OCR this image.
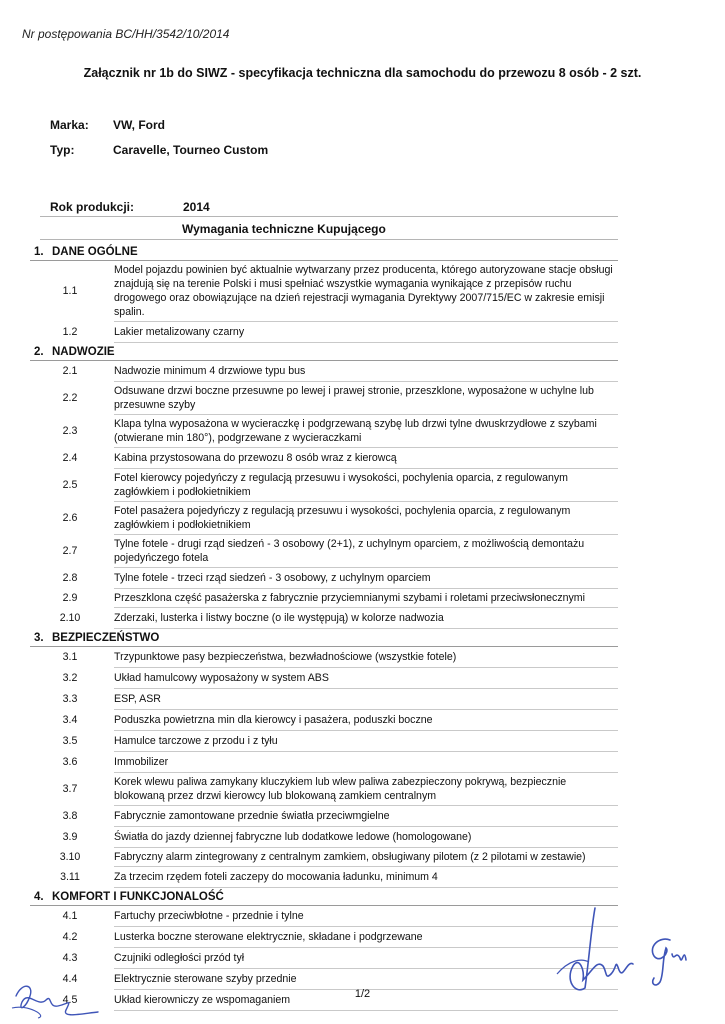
Nr postępowania BC/HH/3542/10/2014
Załącznik nr 1b do SIWZ - specyfikacja techniczna dla samochodu do przewozu 8 osób - 2 szt.
Marka: VW, Ford
Typ:	Caravelle, Tourneo Custom
Rok produkcji:	2014
Wymagania techniczne Kupującego
1. DANE OGÓLNE	
1.1	Model pojazdu powinien być aktualnie wytwarzany przez producenta, którego autoryzowane stacje obsługi znajdują się na terenie Polski i musi spełniać wszystkie wymagania wynikające z przepisów ruchu drogowego oraz obowiązujące na dzień rejestracji wymagania Dyrektywy 2007/715/EC w zakresie emisji spalin.
1.2	Lakier metalizowany czarny
2. NADWOZIE	
2.1	Nadwozie minimum 4 drzwiowe typu bus
2.2	Odsuwane drzwi boczne przesuwne po lewej i prawej stronie, przeszklone, wyposażone w uchylne lub przesuwne szyby
2.3	Klapa tylna wyposażona w wycieraczkę i podgrzewaną szybę lub drzwi tylne dwuskrzydłowe z szybami (otwierane min 180°), podgrzewane z wycieraczkami
2.4	Kabina przystosowana do przewozu 8 osób wraz z kierowcą
2.5	Fotel kierowcy pojedyńczy z regulacją przesuwu i wysokości, pochylenia oparcia, z regulowanym zagłówkiem i podłokietnikiem
2.6	Fotel pasażera pojedyńczy z regulacją przesuwu i wysokości, pochylenia oparcia, z regulowanym zagłówkiem i podłokietnikiem
2.7	Tylne fotele - drugi rząd siedzeń - 3 osobowy (2+1), z uchylnym oparciem, z możliwością demontażu pojedyńczego fotela
2.8	Tylne fotele - trzeci rząd siedzeń - 3 osobowy, z uchylnym oparciem
2.9	Przeszklona część pasażerska z fabrycznie przyciemnianymi szybami i roletami przeciwsłonecznymi
2.10	Zderzaki, lusterka i listwy boczne (o ile występują) w kolorze nadwozia
3. BEZPIECZEŃSTWO	
3.1	Trzypunktowe pasy bezpieczeństwa, bezwładnościowe (wszystkie fotele)
3.2	Układ hamulcowy wyposażony w system ABS
3.3	ESP, ASR
3.4	Poduszka powietrzna min dla kierowcy i pasażera, poduszki boczne
3.5	Hamulce tarczowe z przodu i z tyłu
3.6	Immobilizer
3.7	Korek wlewu paliwa zamykany kluczykiem lub wlew paliwa zabezpieczony pokrywą, bezpiecznie blokowaną przez drzwi kierowcy lub blokowaną zamkiem centralnym
3.8	Fabrycznie zamontowane przednie światła przeciwmgielne
3.9	Światła do jazdy dziennej fabryczne lub dodatkowe ledowe (homologowane)
3.10	Fabryczny alarm zintegrowany z centralnym zamkiem, obsługiwany pilotem (z 2 pilotami w zestawie)
3.11	Za trzecim rzędem foteli zaczepy do mocowania ładunku, minimum 4
4. KOMFORT I FUNKCJONALOŚĆ	
4.1	Fartuchy przeciwbłotne - przednie i tylne
4.2	Lusterka boczne sterowane elektrycznie, składane i podgrzewane
4.3	Czujniki odległości przód tył
4.4	Elektrycznie sterowane szyby przednie
4.5	Układ kierowniczy ze wspomaganiem	1/2
